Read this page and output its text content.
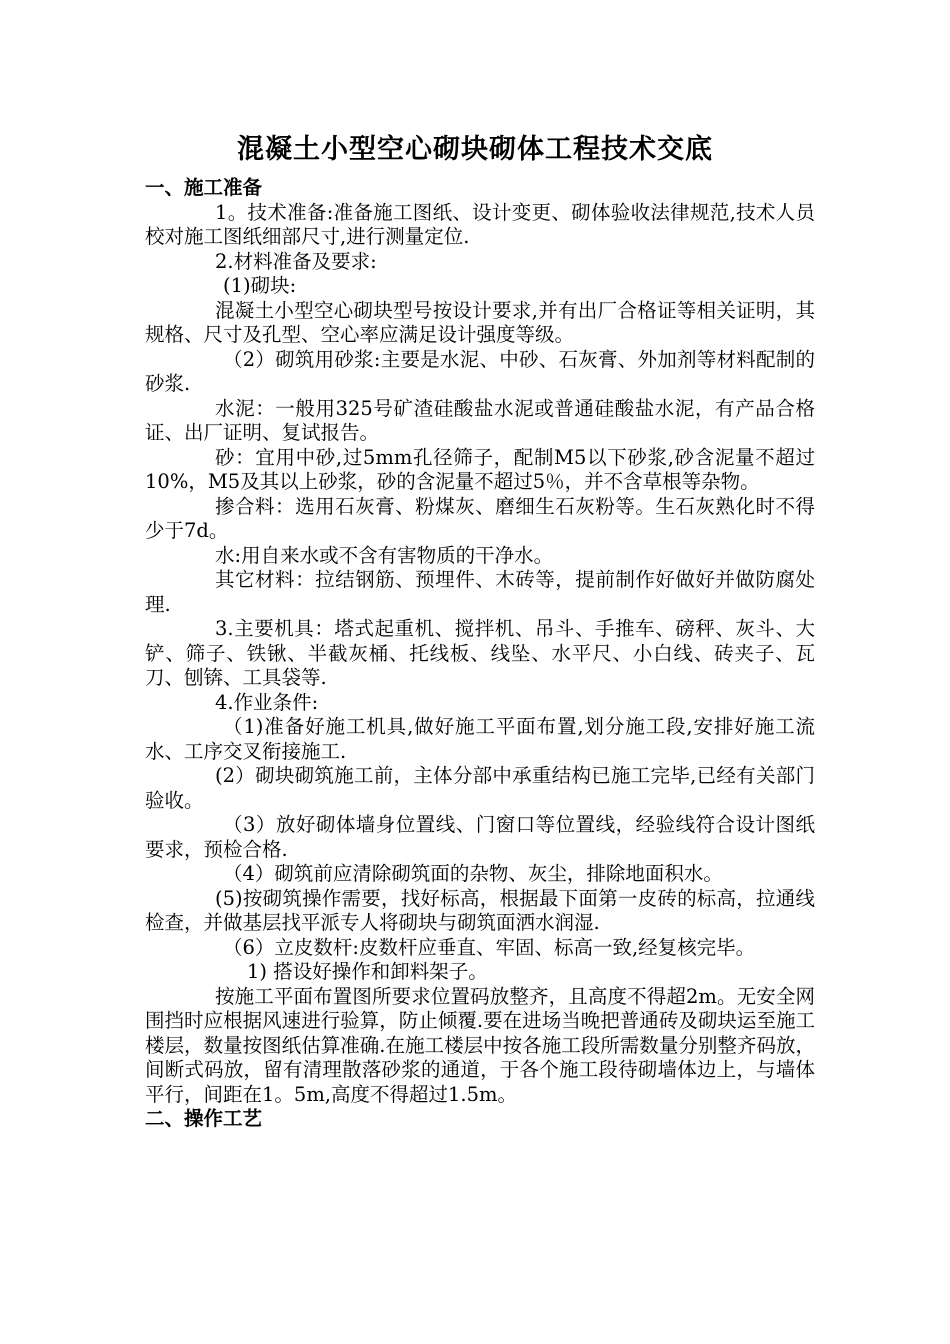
混凝土小型空心砌块砌体工程技术交底
一、施工准备

1。技术准备:准备施工图纸、设计变更、砌体验收法律规范,技术人员校对施工图纸细部尺寸,进行测量定位.

2.材料准备及要求:

(1)砌块:

混凝土小型空心砌块型号按设计要求,并有出厂合格证等相关证明，其规格、尺寸及孔型、空心率应满足设计强度等级。

（2）砌筑用砂浆:主要是水泥、中砂、石灰膏、外加剂等材料配制的砂浆.

水泥：一般用325号矿渣硅酸盐水泥或普通硅酸盐水泥，有产品合格证、出厂证明、复试报告。

砂：宜用中砂,过5mm孔径筛子，配制M5以下砂浆,砂含泥量不超过10%，M5及其以上砂浆，砂的含泥量不超过5％，并不含草根等杂物。

掺合料：选用石灰膏、粉煤灰、磨细生石灰粉等。生石灰熟化时不得少于7d。

水:用自来水或不含有害物质的干净水。

其它材料：拉结钢筋、预埋件、木砖等，提前制作好做好并做防腐处理.

3.主要机具：塔式起重机、搅拌机、吊斗、手推车、磅秤、灰斗、大铲、筛子、铁锹、半截灰桶、托线板、线坠、水平尺、小白线、砖夹子、瓦刀、刨锛、工具袋等.

4.作业条件:

（1)准备好施工机具,做好施工平面布置,划分施工段,安排好施工流水、工序交叉衔接施工.

(2）砌块砌筑施工前，主体分部中承重结构已施工完毕,已经有关部门验收。

（3）放好砌体墙身位置线、门窗口等位置线，经验线符合设计图纸要求，预检合格.

（4）砌筑前应清除砌筑面的杂物、灰尘，排除地面积水。

(5)按砌筑操作需要，找好标高，根据最下面第一皮砖的标高，拉通线检查，并做基层找平派专人将砌块与砌筑面洒水润湿.

（6）立皮数杆:皮数杆应垂直、牢固、标高一致,经复核完毕。

1) 搭设好操作和卸料架子。

按施工平面布置图所要求位置码放整齐，且高度不得超2m。无安全网围挡时应根据风速进行验算，防止倾覆.要在进场当晚把普通砖及砌块运至施工楼层，数量按图纸估算准确.在施工楼层中按各施工段所需数量分别整齐码放，间断式码放，留有清理散落砂浆的通道，于各个施工段待砌墙体边上，与墙体平行，间距在1。5m,高度不得超过1.5m。

二、操作工艺
